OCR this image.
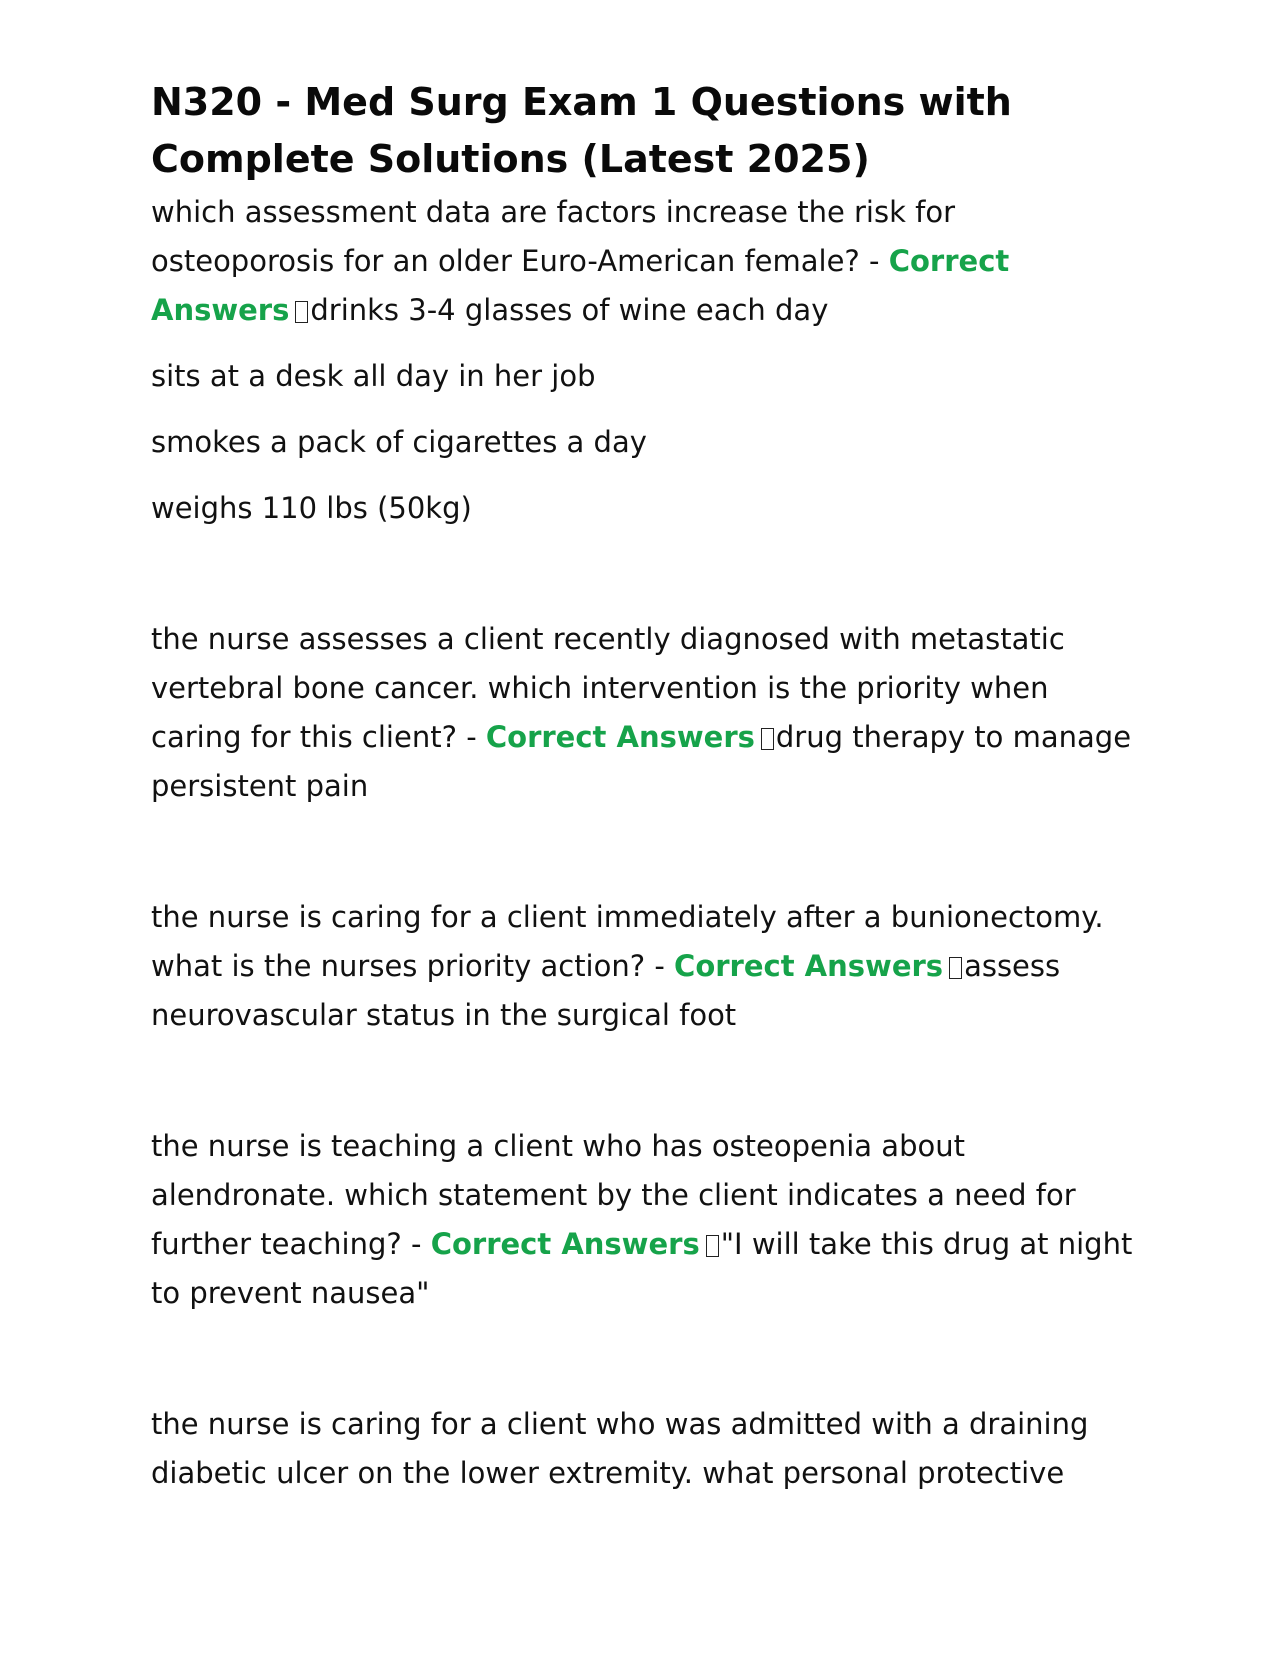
N320 - Med Surg Exam 1 Questions with Complete Solutions (Latest 2025)

which assessment data are factors increase the risk for osteoporosis for an older Euro-American female? - Correct Answers drinks 3-4 glasses of wine each day

sits at a desk all day in her job

smokes a pack of cigarettes a day

weighs 110 lbs (50kg)

the nurse assesses a client recently diagnosed with metastatic vertebral bone cancer. which intervention is the priority when caring for this client? - Correct Answers drug therapy to manage persistent pain

the nurse is caring for a client immediately after a bunionectomy. what is the nurses priority action? - Correct Answers assess neurovascular status in the surgical foot

the nurse is teaching a client who has osteopenia about alendronate. which statement by the client indicates a need for further teaching? - Correct Answers "I will take this drug at night to prevent nausea"

the nurse is caring for a client who was admitted with a draining diabetic ulcer on the lower extremity. what personal protective
